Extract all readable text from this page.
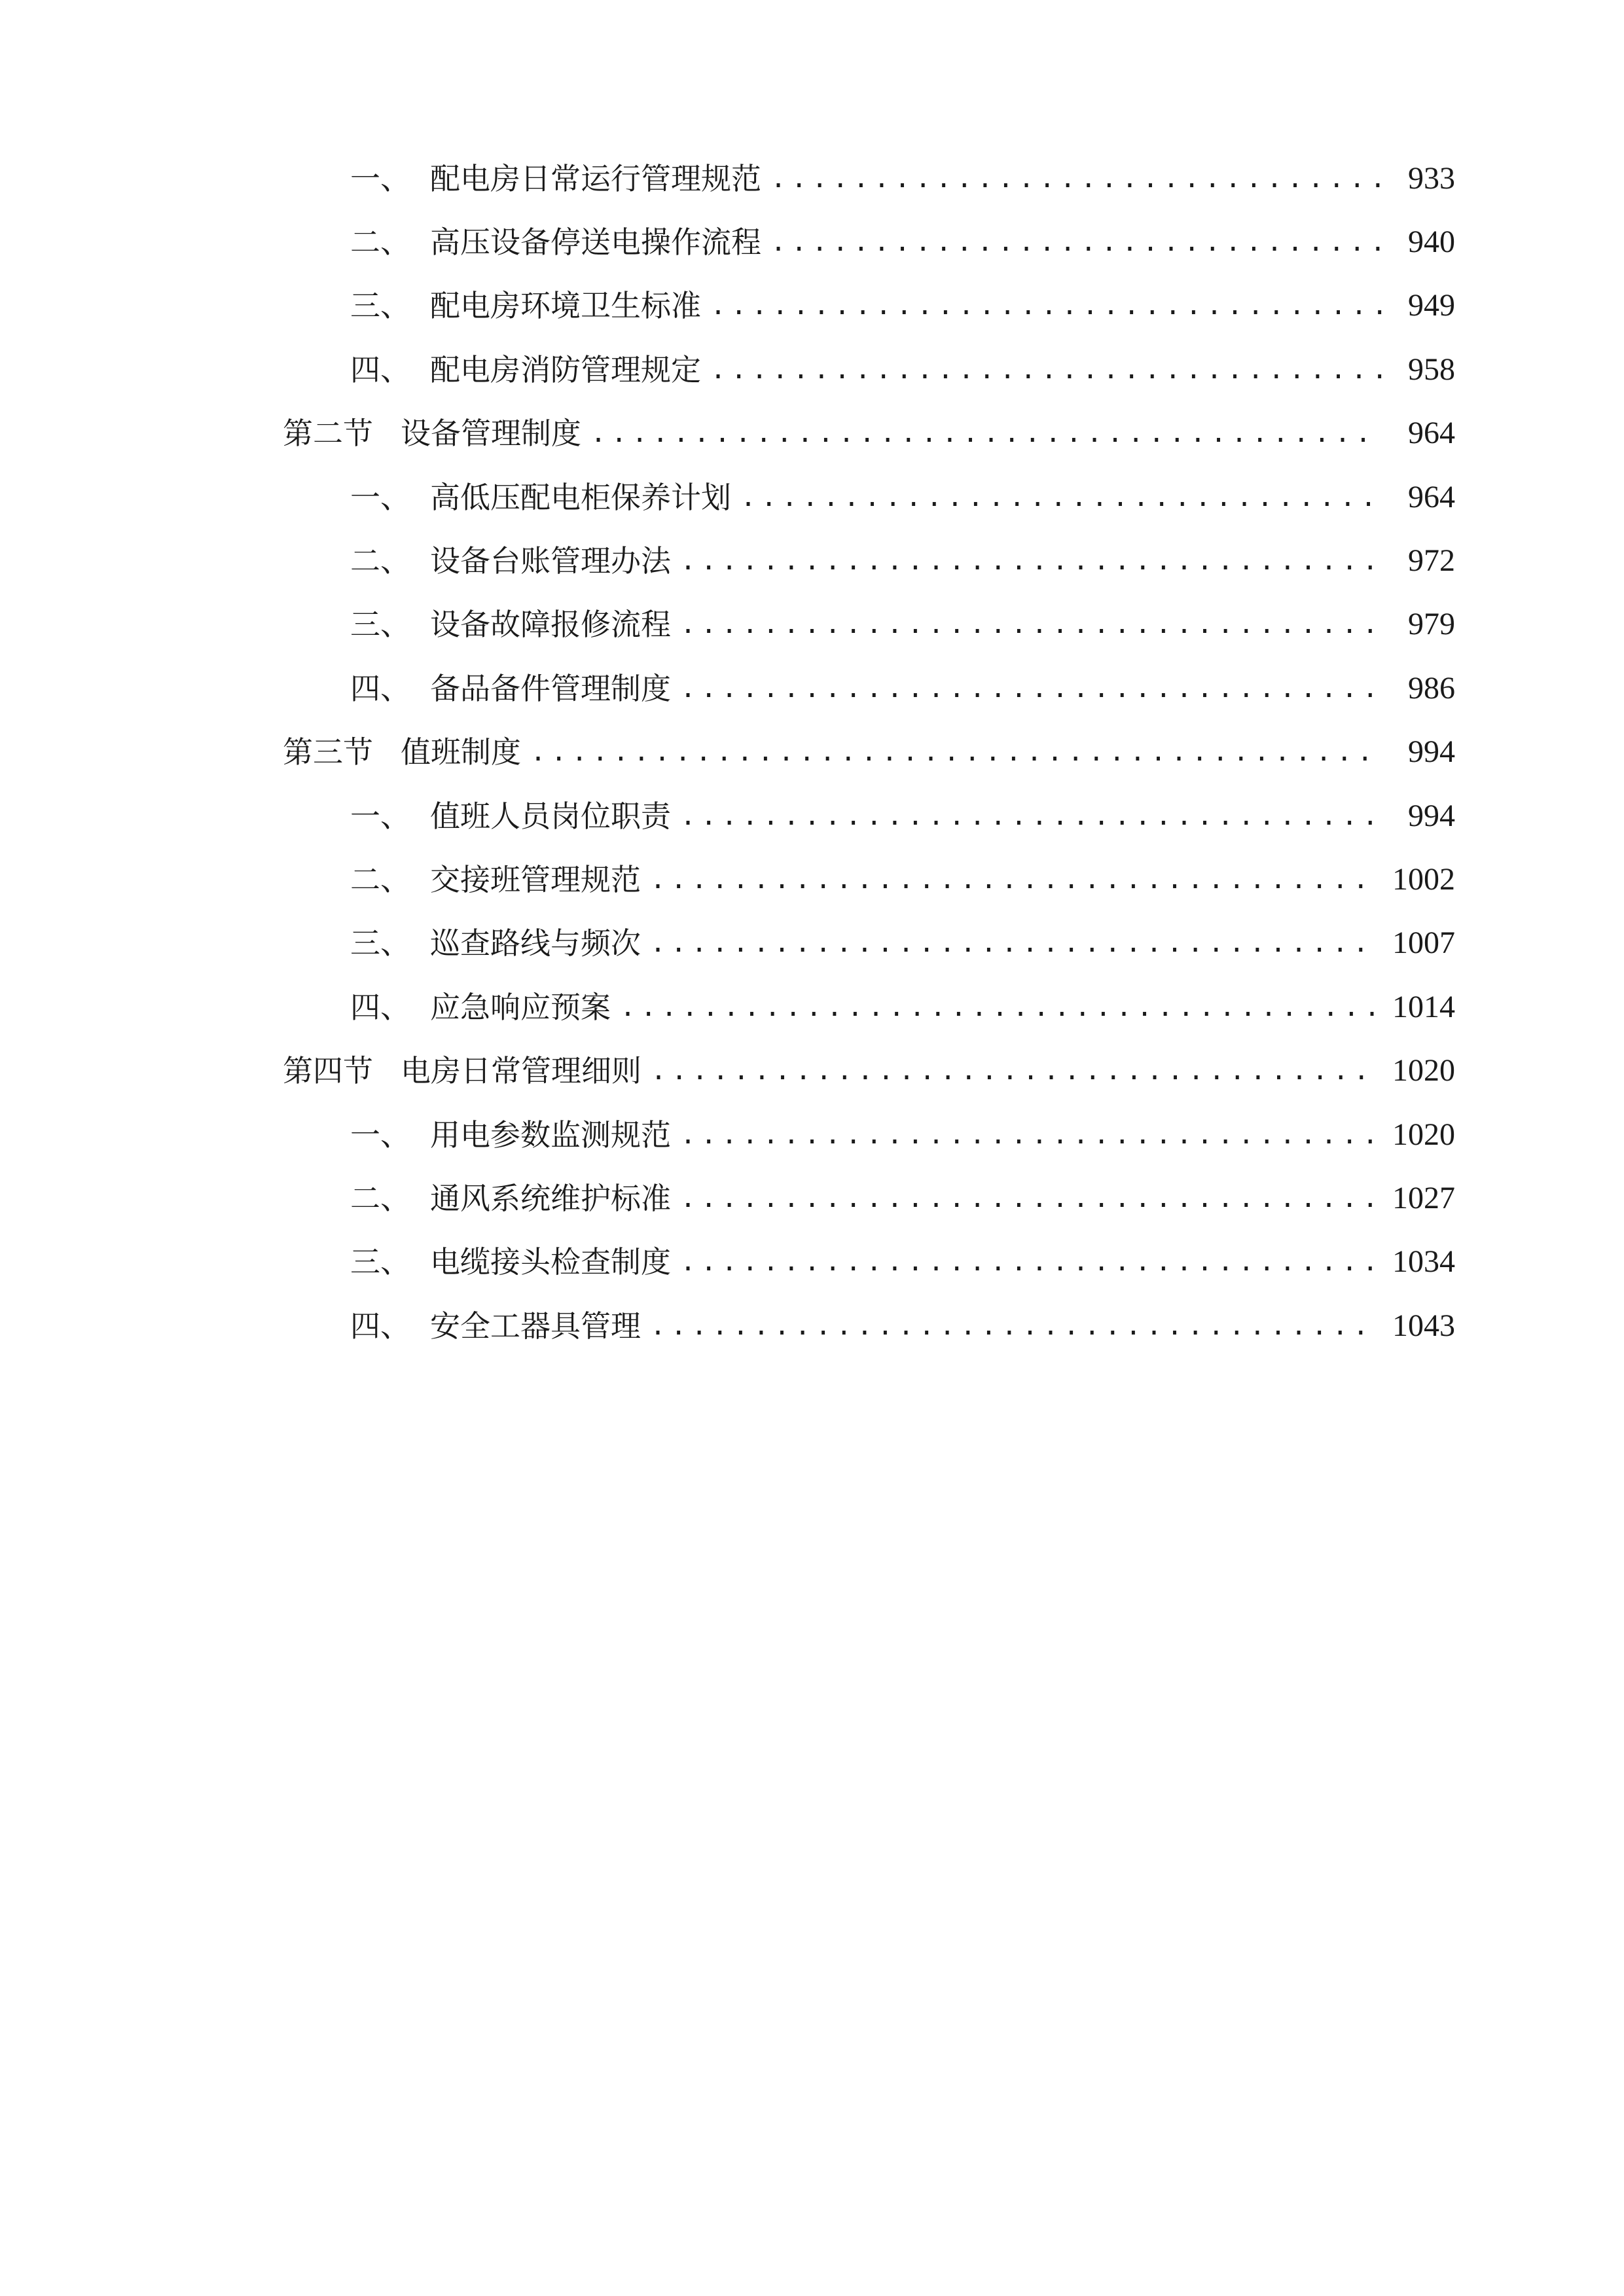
一、 配电房日常运行管理规范 .............................. 933
二、 高压设备停送电操作流程 .............................. 940
三、 配电房环境卫生标准 ................................. 949
四、 配电房消防管理规定 ................................. 958
第二节 设备管理制度 ......................................	964
一、 高低压配电柜保养计划 ............................... 964
二、 设备台账管理办法 .................................. 972
三、 设备故障报修流程 .................................. 979
四、 备品备件管理制度 .................................. 986
第三节 值班制度 ......................................... 994
一、 值班人员岗位职责 .................................. 994
二、 交接班管理规范 ................................... 1002
三、 巡查路线与频次 ................................... 1007
四、 应急响应预案 ..................................... 1014
第四节 电房日常管理细则 ................................... 1020
一、 用电参数监测规范 .................................. 1020
二、 通风系统维护标准 .................................. 1027
三、 电缆接头检查制度 .................................. 1034
四、 安全工器具管理 ................................... 1043
